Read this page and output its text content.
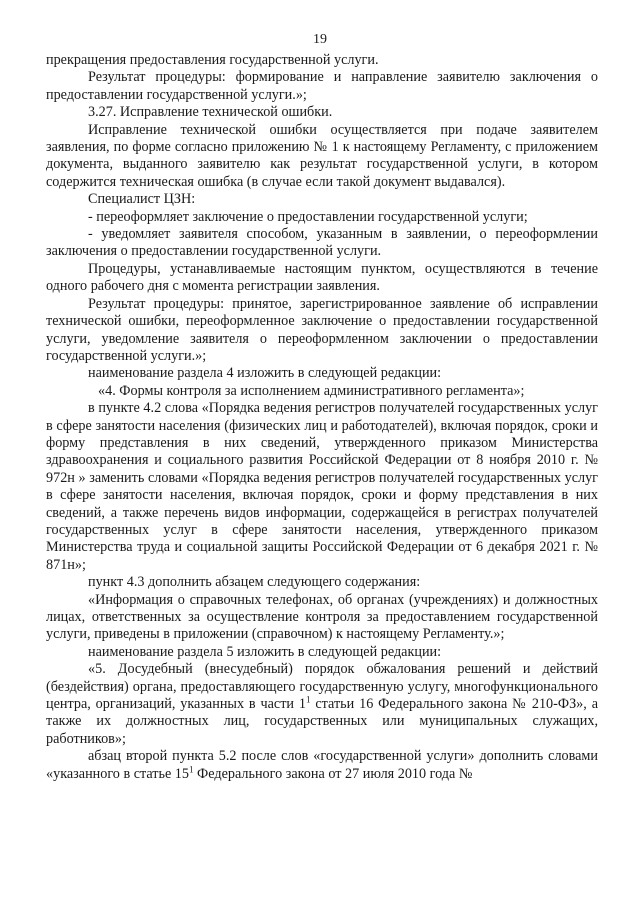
19

прекращения предоставления государственной услуги.

Результат процедуры: формирование и направление заявителю заключения о предоставлении государственной услуги.»;

3.27. Исправление технической ошибки.

Исправление технической ошибки осуществляется при подаче заявителем заявления, по форме согласно приложению № 1 к настоящему Регламенту, с приложением документа, выданного заявителю как результат государственной услуги, в котором содержится техническая ошибка (в случае если такой документ выдавался).

Специалист ЦЗН:

- переоформляет заключение о предоставлении государственной услуги;

- уведомляет заявителя способом, указанным в заявлении, о переоформлении заключения о предоставлении государственной услуги.

Процедуры, устанавливаемые настоящим пунктом, осуществляются в течение одного рабочего дня с момента регистрации заявления.

Результат процедуры: принятое, зарегистрированное заявление об исправлении технической ошибки, переоформленное заключение о предоставлении государственной услуги, уведомление заявителя о переоформленном заключении о предоставлении государственной услуги.»;

наименование раздела 4 изложить в следующей редакции:

«4. Формы контроля за исполнением административного регламента»;

в пункте 4.2 слова «Порядка ведения регистров получателей государственных услуг в сфере занятости населения (физических лиц и работодателей), включая порядок, сроки и форму представления в них сведений, утвержденного приказом Министерства здравоохранения и социального развития Российской Федерации от 8 ноября 2010 г. № 972н » заменить словами «Порядка ведения регистров получателей государственных услуг в сфере занятости населения, включая порядок, сроки и форму представления в них сведений, а также перечень видов информации, содержащейся в регистрах получателей государственных услуг в сфере занятости населения, утвержденного приказом Министерства труда и социальной защиты Российской Федерации от 6 декабря 2021 г. № 871н»;

пункт 4.3 дополнить абзацем следующего содержания:

«Информация о справочных телефонах, об органах (учреждениях) и должностных лицах, ответственных за осуществление контроля за предоставлением государственной услуги, приведены в приложении (справочном) к настоящему Регламенту.»;

наименование раздела 5 изложить в следующей редакции:

«5. Досудебный (внесудебный) порядок обжалования решений и действий (бездействия) органа, предоставляющего государственную услугу, многофункционального центра, организаций, указанных в части $1^1$ статьи 16 Федерального закона № 210-ФЗ», а также их должностных лиц, государственных или муниципальных служащих, работников»;

абзац второй пункта 5.2 после слов «государственной услуги» дополнить словами «указанного в статье $15^1$ Федерального закона от 27 июля 2010 года №
